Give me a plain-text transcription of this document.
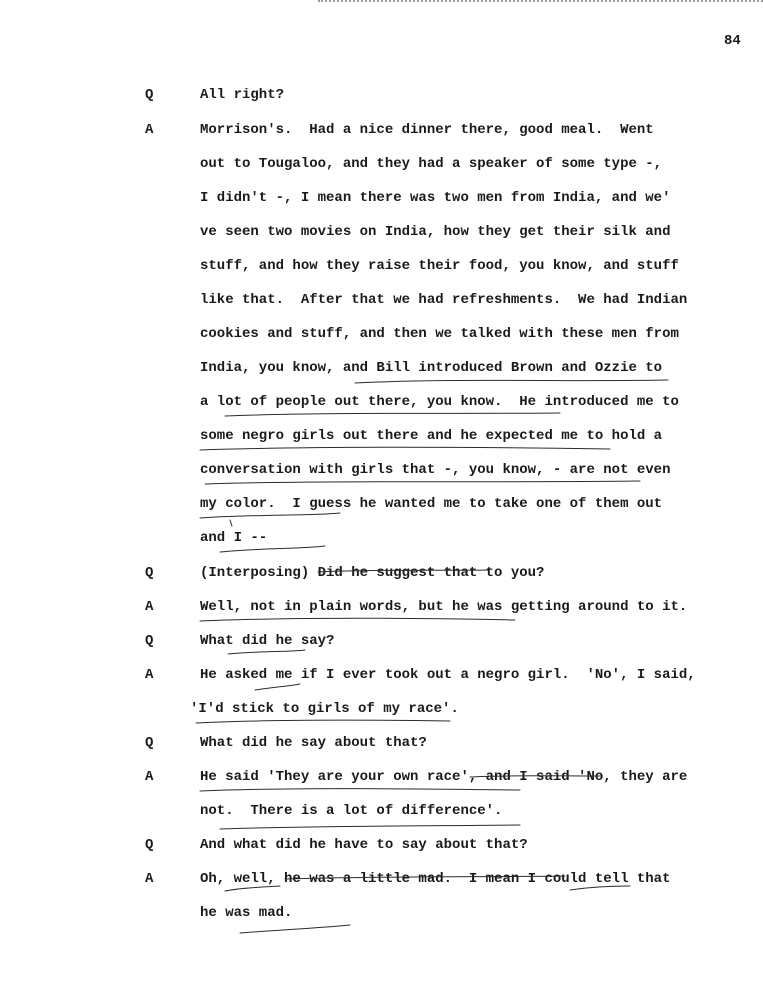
84
Q	All right?
A	Morrison's.  Had a nice dinner there, good meal.  Went
out to Tougaloo, and they had a speaker of some type -,
I didn't -, I mean there was two men from India, and we'
ve seen two movies on India, how they get their silk and
stuff, and how they raise their food, you know, and stuff
like that.  After that we had refreshments.  We had Indian
cookies and stuff, and then we talked with these men from
India, you know, and Bill introduced Brown and Ozzie to
a lot of people out there, you know.  He introduced me to
some negro girls out there and he expected me to hold a
conversation with girls that -, you know, - are not even
my color.  I guess he wanted me to take one of them out
and I --
Q	(Interposing) Did he suggest that to you?
A	Well, not in plain words, but he was getting around to it.
Q	What did he say?
A	He asked me if I ever took out a negro girl.  'No', I said,
'I'd stick to girls of my race'.
Q	What did he say about that?
A	He said 'They are your own race', and I said 'No, they are
not.  There is a lot of difference'.
Q	And what did he have to say about that?
A	Oh, well, he was a little mad.  I mean I could tell that
he was mad.
